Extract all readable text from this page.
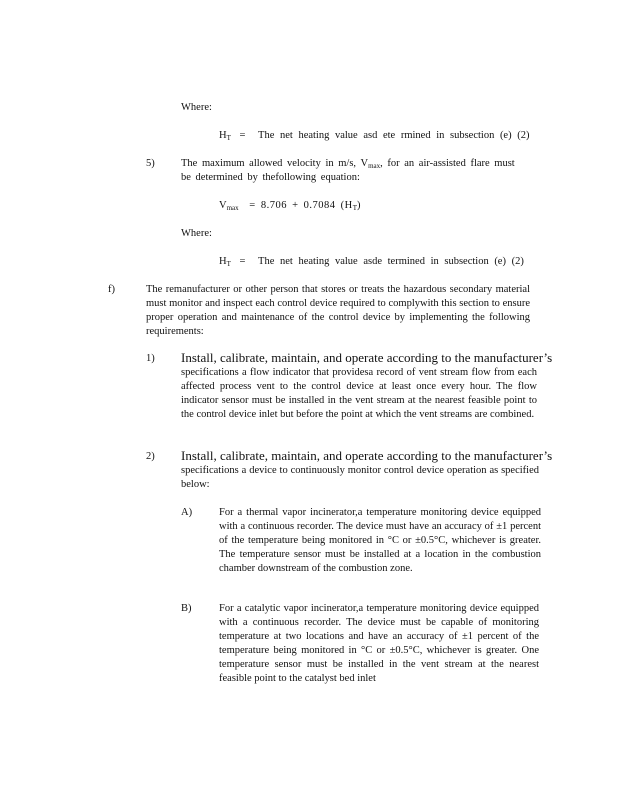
Where:
$H_T$ = The net heating value asd ete rmined in subsection (e) (2)
5)	The maximum allowed velocity in m/s, $V_{max}$, for an air-assisted flare must
be determined by thefollowing equation:
$V_{max} = 8.706 + 0.7084$ $(H_T)$
Where:
$H_T$ = The net heating value asde termined in subsection (e) (2)
f)	The remanufacturer or other person that stores or treats the hazardous secondary material must monitor and inspect each control device required to complywith this section to ensure proper operation and maintenance of the control device by implementing the following requirements:
1) Install, calibrate, maintain, and operate according to the manufacturer’s
specifications a flow indicator that providesa record of vent stream flow from each affected process vent to the control device at least once every hour. The flow indicator sensor must be installed in the vent stream at the nearest feasible point to the control device inlet but before the point at which the vent streams are combined.
2) Install, calibrate, maintain, and operate according to the manufacturer’s
specifications a device to continuously monitor control device operation as specified below:
A)	For a thermal vapor incinerator,a temperature monitoring device equipped with a continuous recorder. The device must have an accuracy of ±1 percent of the temperature being monitored in °C or ±0.5°C, whichever is greater. The temperature sensor must be installed at a location in the combustion chamber downstream of the combustion zone.
B)	For a catalytic vapor incinerator,a temperature monitoring device equipped with a continuous recorder. The device must be capable of monitoring temperature at two locations and have an accuracy of ±1 percent of the temperature being monitored in °C or ±0.5°C, whichever is greater. One temperature sensor must be installed in the vent stream at the nearest feasible point to the catalyst bed inlet
